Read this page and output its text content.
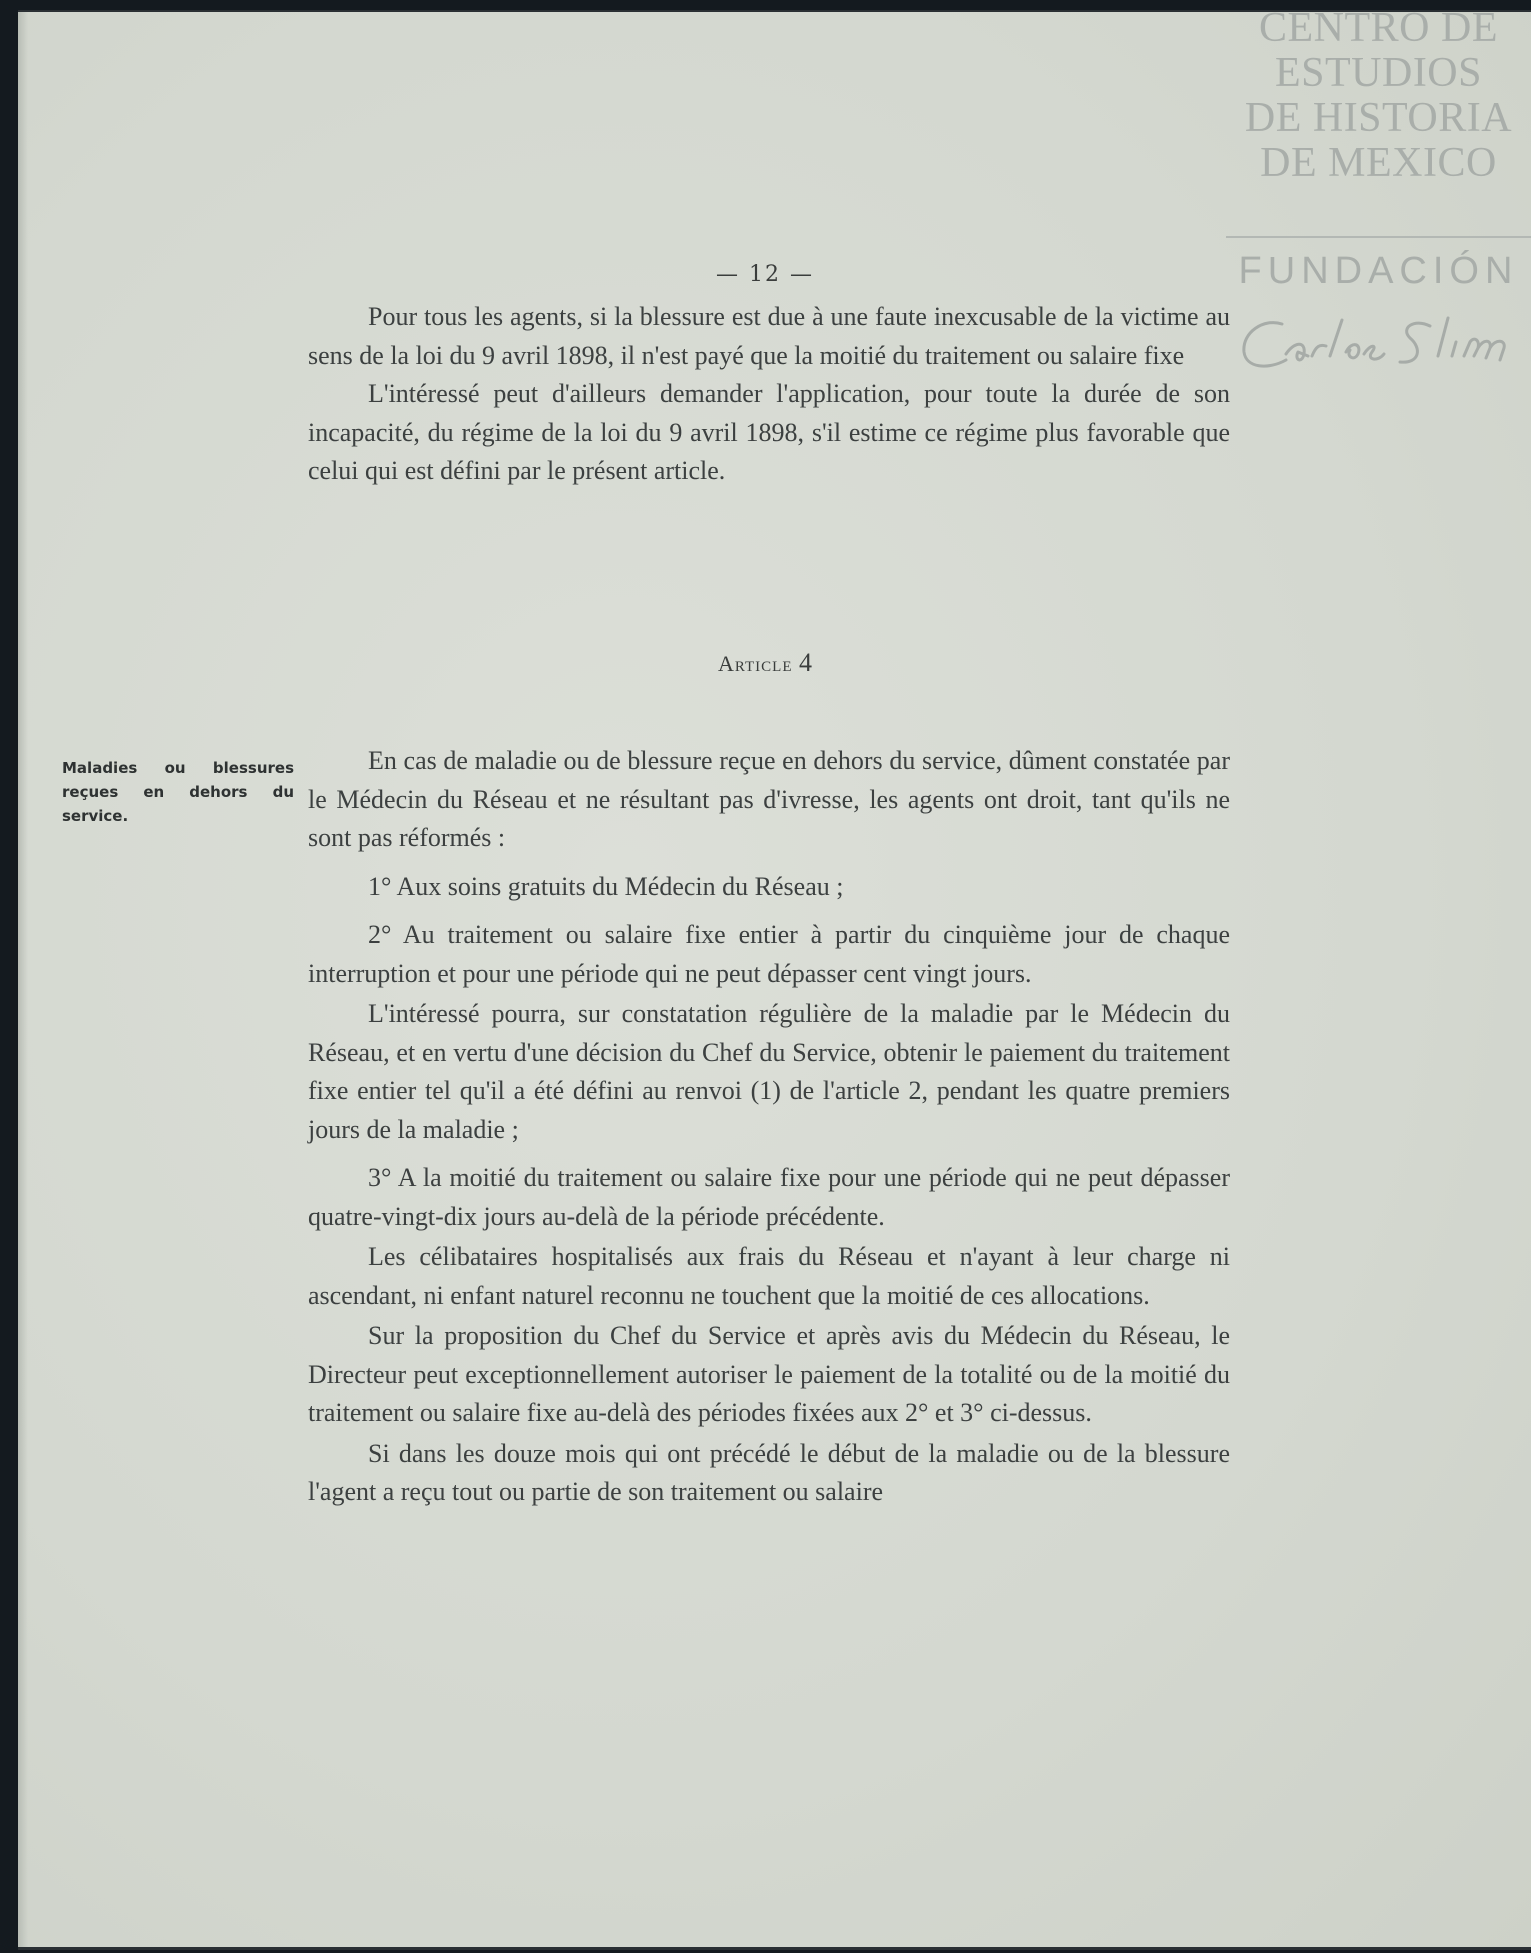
CENTRO DE
ESTUDIOS
DE HISTORIA
DE MEXICO
FUNDACIÓN
— 12 —

Pour tous les agents, si la blessure est due à une faute inexcusable de la victime au sens de la loi du 9 avril 1898, il n'est payé que la moitié du traitement ou salaire fixe

L'intéressé peut d'ailleurs demander l'application, pour toute la durée de son incapacité, du régime de la loi du 9 avril 1898, s'il estime ce régime plus favorable que celui qui est défini par le présent article.

Article 4
Maladies ou blessures reçues en dehors du service.

En cas de maladie ou de blessure reçue en dehors du service, dûment constatée par le Médecin du Réseau et ne résultant pas d'ivresse, les agents ont droit, tant qu'ils ne sont pas réformés :

1° Aux soins gratuits du Médecin du Réseau ;

2° Au traitement ou salaire fixe entier à partir du cinquième jour de chaque interruption et pour une période qui ne peut dépasser cent vingt jours.

L'intéressé pourra, sur constatation régulière de la maladie par le Médecin du Réseau, et en vertu d'une décision du Chef du Service, obtenir le paiement du traitement fixe entier tel qu'il a été défini au renvoi (1) de l'article 2, pendant les quatre premiers jours de la maladie ;

3° A la moitié du traitement ou salaire fixe pour une période qui ne peut dépasser quatre-vingt-dix jours au-delà de la période précédente.

Les célibataires hospitalisés aux frais du Réseau et n'ayant à leur charge ni ascendant, ni enfant naturel reconnu ne touchent que la moitié de ces allocations.

Sur la proposition du Chef du Service et après avis du Médecin du Réseau, le Directeur peut exceptionnellement autoriser le paiement de la totalité ou de la moitié du traitement ou salaire fixe au-delà des périodes fixées aux 2° et 3° ci-dessus.

Si dans les douze mois qui ont précédé le début de la maladie ou de la blessure l'agent a reçu tout ou partie de son traitement ou salaire
